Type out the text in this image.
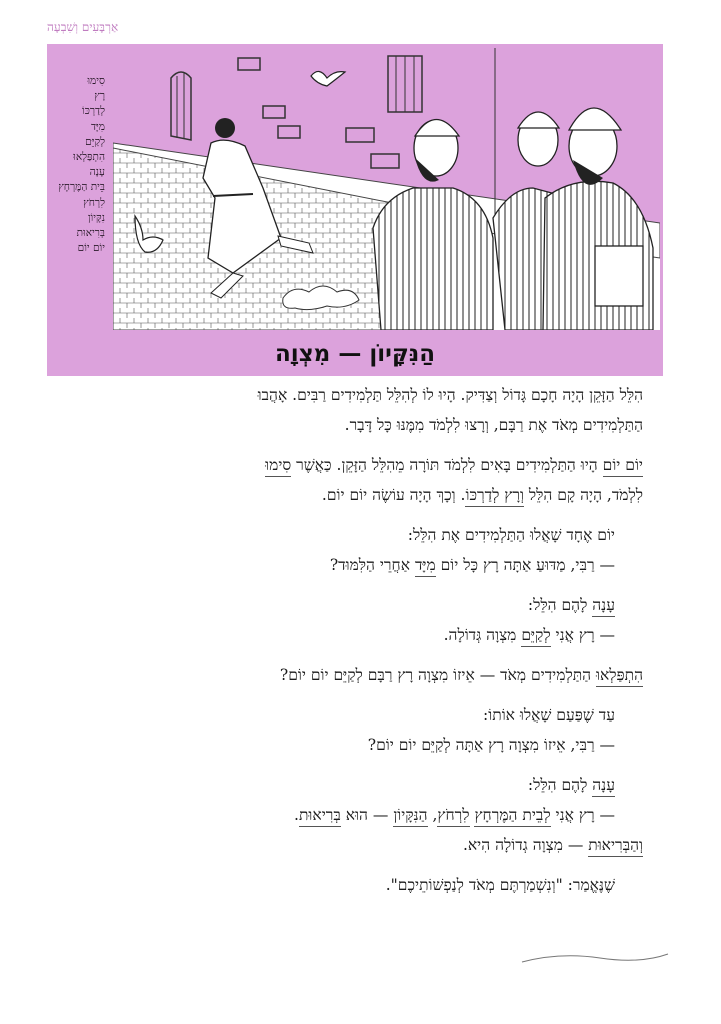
אַרְבָּעִים וְשִׁבְעָה
סִימוּ
רָץ
לְדַרְכּוֹ
מִיָּד
לְקַיֵּם
הִתְפַּלְאוּ
עָנָה
בֵּית הַמֶּרְחָץ
לִרְחֹץ
נִקָּיוֹן
בְּרִיאוּת
יוֹם יוֹם
הַנִּקָּיוֹן — מִצְוָה

הִלֵּל הַזָּקֵן הָיָה חָכָם גָּדוֹל וְצַדִּיק. הָיוּ לוֹ לְהִלֵּל תַּלְמִידִים רַבִּים. אָהֲבוּ

הַתַּלְמִידִים מְאֹד אֶת רַבָּם, וְרָצוּ לִלְמֹד מִמֶּנּוּ כָּל דָּבָר.

יוֹם יוֹם הָיוּ הַתַּלְמִידִים בָּאִים לִלְמֹד תּוֹרָה מֵהִלֵּל הַזָּקֵן. כַּאֲשֶׁר סִימוּ

לִלְמֹד, הָיָה קָם הִלֵּל וְרָץ לְדַרְכּוֹ. וְכָךְ הָיָה עוֹשֶׂה יוֹם יוֹם.

יוֹם אֶחָד שָׁאֲלוּ הַתַּלְמִידִים אֶת הִלֵּל:

— רַבִּי, מַדּוּעַ אַתָּה רָץ כָּל יוֹם מִיָּד אַחֲרֵי הַלִּמּוּד?

עָנָה לָהֶם הִלֵּל:

— רָץ אֲנִי לְקַיֵּם מִצְוָה גְּדוֹלָה.

הִתְפַּלְאוּ הַתַּלְמִידִים מְאֹד — אֵיזוֹ מִצְוָה רָץ רַבָּם לְקַיֵּם יוֹם יוֹם?

עַד שֶׁפַּעַם שָׁאֲלוּ אוֹתוֹ:

— רַבִּי, אֵיזוֹ מִצְוָה רָץ אַתָּה לְקַיֵּם יוֹם יוֹם?

עָנָה לָהֶם הִלֵּל:

— רָץ אֲנִי לְבֵית הַמֶּרְחָץ לִרְחֹץ, הַנִּקָּיוֹן — הוּא בְּרִיאוּת.

וְהַבְּרִיאוּת — מִצְוָה גְדוֹלָה הִיא.

שֶׁנֶּאֱמַר: "וְנִשְׁמַרְתֶּם מְאֹד לְנַפְשׁוֹתֵיכֶם".
